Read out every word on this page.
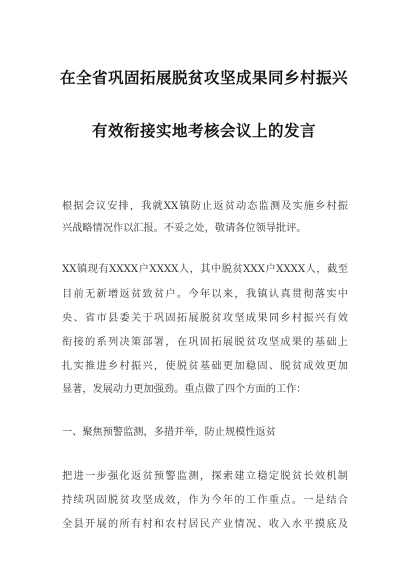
在全省巩固拓展脱贫攻坚成果同乡村振兴
有效衔接实地考核会议上的发言
根据会议安排，我就XX镇防止返贫动态监测及实施乡村振
兴战略情况作以汇报。不妥之处，敬请各位领导批评。
XX镇现有XXXX户XXXX人，其中脱贫XXX户XXXX人，截至
目前无新增返贫致贫户。今年以来，我镇认真贯彻落实中
央、省市县委关于巩固拓展脱贫攻坚成果同乡村振兴有效
衔接的系列决策部署，在巩固拓展脱贫攻坚成果的基础上
扎实推进乡村振兴，使脱贫基础更加稳固、脱贫成效更加
显著，发展动力更加强劲。重点做了四个方面的工作：
一、聚焦预警监测，多措并举，防止规模性返贫
把进一步强化返贫预警监测，探索建立稳定脱贫长效机制
持续巩固脱贫攻坚成效，作为今年的工作重点。一是结合
全县开展的所有村和农村居民产业情况、收入水平摸底及
